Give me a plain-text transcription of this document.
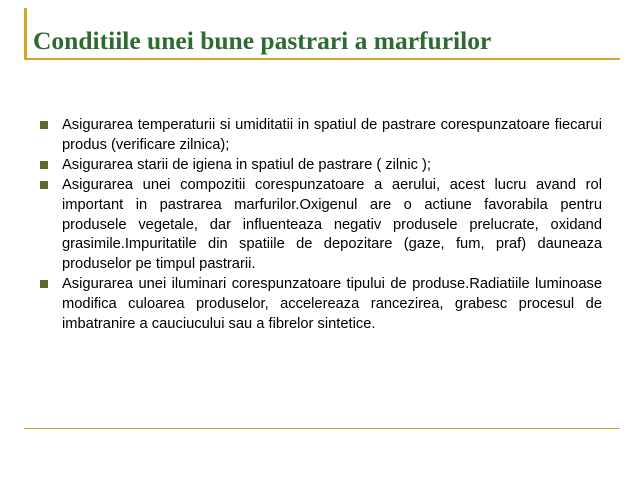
Conditiile unei bune pastrari a marfurilor
Asigurarea temperaturii si umiditatii in spatiul de pastrare corespunzatoare fiecarui produs (verificare zilnica);
Asigurarea starii de igiena in spatiul de pastrare ( zilnic );
Asigurarea unei compozitii corespunzatoare a aerului, acest lucru avand rol important in pastrarea marfurilor.Oxigenul are o actiune favorabila pentru produsele vegetale, dar influenteaza negativ produsele prelucrate, oxidand grasimile.Impuritatile din spatiile de depozitare (gaze, fum, praf) dauneaza produselor pe timpul pastrarii.
Asigurarea unei iluminari corespunzatoare tipului de produse.Radiatiile luminoase modifica culoarea produselor, accelereaza rancezirea, grabesc procesul de imbatranire a cauciucului sau a fibrelor sintetice.
